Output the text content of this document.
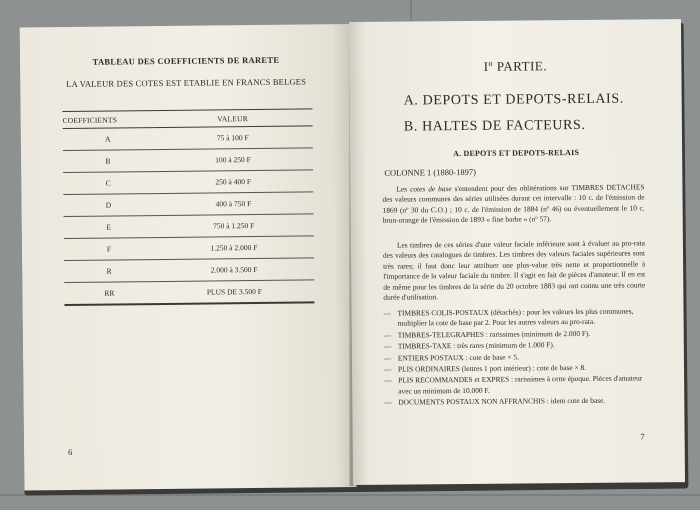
TABLEAU DES COEFFICIENTS DE RARETE
LA VALEUR DES COTES EST ETABLIE EN FRANCS BELGES
COEFFICIENTS	VALEUR
A	75 à 100 F
B	100 à 250 F
C	250 à 400 F
D	400 à 750 F
E	750 à 1.250 F
F	1.250 à 2.000 F
R	2.000 à 3.500 F
RR	PLUS DE 3.500 F
6
Iº PARTIE.
A. DEPOTS ET DEPOTS-RELAIS.
B. HALTES DE FACTEURS.
A. DEPOTS ET DEPOTS-RELAIS
COLONNE 1 (1880-1897)
Les cotes de base s'entendent pour des oblitérations sur TIMBRES DETACHES des valeurs communes des séries utilisées durant cet intervalle : 10 c. de l'émission de 1869 (nº 30 du C.O.) ; 10 c. de l'émission de 1884 (nº 46) ou éventuellement le 10 c. brun-orange de l'émission de 1893 « fine barbe » (nº 57).
Les timbres de ces séries d'une valeur faciale inférieure sont à évaluer au pro-rata des valeurs des catalogues de timbres. Les timbres des valeurs faciales supérieures sont très rares; il faut donc leur attribuer une plus-value très nette et proportionnelle à l'importance de la valeur faciale du timbre. Il s'agit en fait de pièces d'amateur. Il en est de même pour les timbres de la série du 20 octobre 1883 qui ont connu une très courte durée d'utilisation.
— TIMBRES COLIS-POSTAUX (détachés) : pour les valeurs les plus communes, multiplier la cote de base par 2. Pour les autres valeurs au pro-rata.
— TIMBRES-TELEGRAPHES : rarissimes (minimum de 2.000 F).
— TIMBRES-TAXE : très rares (minimum de 1.000 F).
— ENTIERS POSTAUX : cote de base × 5.
— PLIS ORDINAIRES (lettres 1 port intérieur) : cote de base × 8.
— PLIS RECOMMANDES et EXPRES : rarissimes à cette époque. Pièces d'amateur avec un minimum de 10.000 F.
— DOCUMENTS POSTAUX NON AFFRANCHIS : idem cote de base.
7
